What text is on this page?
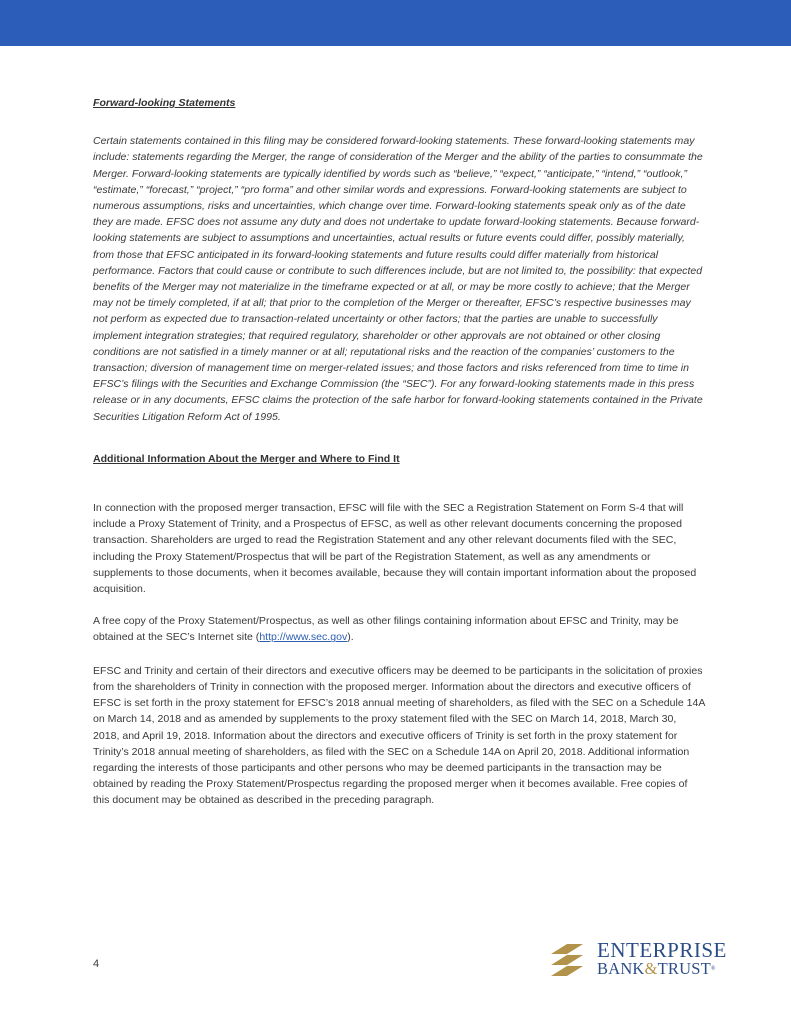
Forward-looking Statements

Certain statements contained in this filing may be considered forward-looking statements. These forward-looking statements may include: statements regarding the Merger, the range of consideration of the Merger and the ability of the parties to consummate the Merger. Forward-looking statements are typically identified by words such as “believe,” “expect,” “anticipate,” “intend,” “outlook,” “estimate,” “forecast,” “project,” “pro forma” and other similar words and expressions. Forward-looking statements are subject to numerous assumptions, risks and uncertainties, which change over time. Forward-looking statements speak only as of the date they are made. EFSC does not assume any duty and does not undertake to update forward-looking statements. Because forward-looking statements are subject to assumptions and uncertainties, actual results or future events could differ, possibly materially, from those that EFSC anticipated in its forward-looking statements and future results could differ materially from historical performance. Factors that could cause or contribute to such differences include, but are not limited to, the possibility: that expected benefits of the Merger may not materialize in the timeframe expected or at all, or may be more costly to achieve; that the Merger may not be timely completed, if at all; that prior to the completion of the Merger or thereafter, EFSC’s respective businesses may not perform as expected due to transaction-related uncertainty or other factors; that the parties are unable to successfully implement integration strategies; that required regulatory, shareholder or other approvals are not obtained or other closing conditions are not satisfied in a timely manner or at all; reputational risks and the reaction of the companies’ customers to the transaction; diversion of management time on merger-related issues; and those factors and risks referenced from time to time in EFSC’s filings with the Securities and Exchange Commission (the “SEC”). For any forward-looking statements made in this press release or in any documents, EFSC claims the protection of the safe harbor for forward-looking statements contained in the Private Securities Litigation Reform Act of 1995.

Additional Information About the Merger and Where to Find It

In connection with the proposed merger transaction, EFSC will file with the SEC a Registration Statement on Form S-4 that will include a Proxy Statement of Trinity, and a Prospectus of EFSC, as well as other relevant documents concerning the proposed transaction. Shareholders are urged to read the Registration Statement and any other relevant documents filed with the SEC, including the Proxy Statement/Prospectus that will be part of the Registration Statement, as well as any amendments or supplements to those documents, when it becomes available, because they will contain important information about the proposed acquisition.

A free copy of the Proxy Statement/Prospectus, as well as other filings containing information about EFSC and Trinity, may be obtained at the SEC’s Internet site (http://www.sec.gov).

EFSC and Trinity and certain of their directors and executive officers may be deemed to be participants in the solicitation of proxies from the shareholders of Trinity in connection with the proposed merger. Information about the directors and executive officers of EFSC is set forth in the proxy statement for EFSC’s 2018 annual meeting of shareholders, as filed with the SEC on a Schedule 14A on March 14, 2018 and as amended by supplements to the proxy statement filed with the SEC on March 14, 2018, March 30, 2018, and April 19, 2018. Information about the directors and executive officers of Trinity is set forth in the proxy statement for Trinity’s 2018 annual meeting of shareholders, as filed with the SEC on a Schedule 14A on April 20, 2018. Additional information regarding the interests of those participants and other persons who may be deemed participants in the transaction may be obtained by reading the Proxy Statement/Prospectus regarding the proposed merger when it becomes available. Free copies of this document may be obtained as described in the preceding paragraph.

4
ENTERPRISE
BANK&TRUST®
